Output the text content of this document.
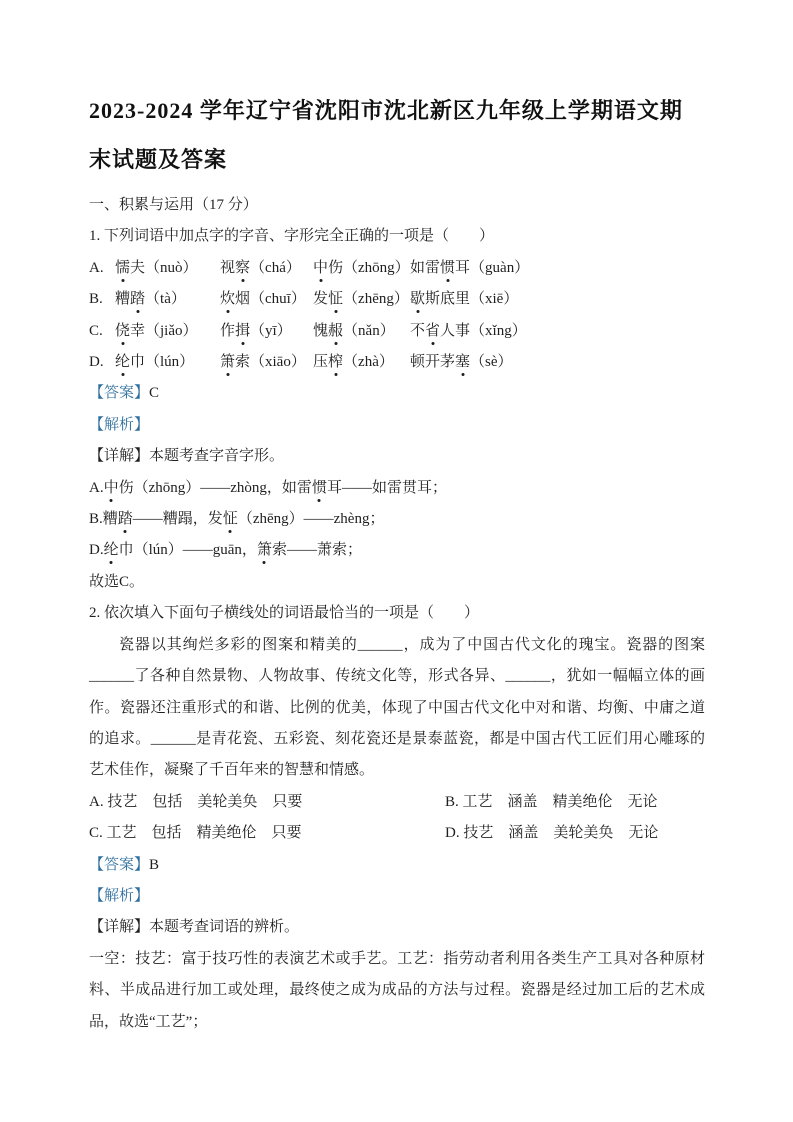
2023-2024 学年辽宁省沈阳市沈北新区九年级上学期语文期末试题及答案
一、积累与运用（17 分）
1. 下列词语中加点字的字音、字形完全正确的一项是（　　）
A. 懦夫（nuò）	视察（chá） 中伤（zhōng） 如雷惯耳（guàn）
B. 糟踏（tà）	炊烟（chuī） 发怔（zhēng） 歇斯底里（xiē）
C. 侥幸（jiǎo）	作揖（yī）	愧赧（nǎn）	不省人事（xǐng）
D. 纶巾（lún）	箫索（xiāo） 压榨（zhà）	顿开茅塞（sè）
【答案】C
【解析】
【详解】本题考查字音字形。
A.中伤（zhōng）——zhòng，如雷惯耳——如雷贯耳；
B.糟踏——糟蹋，发怔（zhēng）——zhèng；
D.纶巾（lún）——guān，箫索——萧索；
故选C。
2. 依次填入下面句子横线处的词语最恰当的一项是（　　）
瓷器以其绚烂多彩的图案和精美的______，成为了中国古代文化的瑰宝。瓷器的图案
______了各种自然景物、人物故事、传统文化等，形式各异、______，犹如一幅幅立体的画
作。瓷器还注重形式的和谐、比例的优美，体现了中国古代文化中对和谐、均衡、中庸之道
的追求。______是青花瓷、五彩瓷、刻花瓷还是景泰蓝瓷，都是中国古代工匠们用心雕琢的
艺术佳作，凝聚了千百年来的智慧和情感。
A. 技艺　包括　美轮美奂　只要	B. 工艺　涵盖　精美绝伦　无论
C. 工艺　包括　精美绝伦　只要	D. 技艺　涵盖　美轮美奂　无论
【答案】B
【解析】
【详解】本题考查词语的辨析。
一空：技艺：富于技巧性的表演艺术或手艺。工艺：指劳动者利用各类生产工具对各种原材
料、半成品进行加工或处理，最终使之成为成品的方法与过程。瓷器是经过加工后的艺术成
品，故选“工艺”；
